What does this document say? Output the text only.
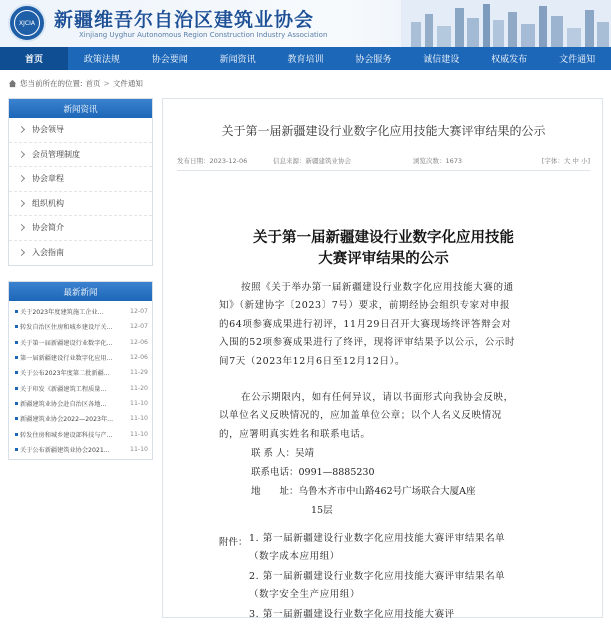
XJCIA 新疆维吾尔自治区建筑业协会
Xinjiang Uyghur Autonomous Region Construction Industry Association
首页	政策法规	协会要闻	新闻资讯	教育培训	协会服务	诚信建设	权威发布	文件通知
您当前所在的位置: 首页 > 文件通知
新闻资讯
协会领导
会员管理制度
协会章程
组织机构
协会简介
入会指南
最新新闻
关于2023年度建筑施工企业...	12-07
转发自治区住房和城乡建设厅关...	12-07
关于第一届新疆建设行业数字化...	12-06
第一届新疆建设行业数字化应用...	12-06
关于公布2023年度第二批新疆...	11-29
关于印发《新疆建筑工程质量...	11-20
新疆建筑业协会赴自治区各地...	11-10
新疆建筑业协会2022—2023年...	11-10
转发住房和城乡建设部科技与产...	11-10
关于公布新疆建筑业协会2021...	11-10
关于第一届新疆建设行业数字化应用技能大赛评审结果的公示
发布日期：2023-12-06	信息来源：新疆建筑业协会	浏览次数：1673	[字体：大 中 小]
关于第一届新疆建设行业数字化应用技能
大赛评审结果的公示
按照《关于举办第一届新疆建设行业数字化应用技能大赛的通知》（新建协字〔2023〕7号）要求，前期经协会组织专家对申报的64项参赛成果进行初评，11月29日召开大赛现场终评答辩会对入围的52项参赛成果进行了终评，现将评审结果予以公示，公示时间7天（2023年12月6日至12月12日）。
在公示期限内，如有任何异议，请以书面形式向我协会反映，以单位名义反映情况的，应加盖单位公章；以个人名义反映情况的，应署明真实姓名和联系电话。
联 系 人：吴靖
联系电话：0991—8885230
地　　址：乌鲁木齐市中山路462号广场联合大厦A座
15层
附件： 1. 第一届新疆建设行业数字化应用技能大赛评审结果名单（数字成本应用组）
2. 第一届新疆建设行业数字化应用技能大赛评审结果名单（数字安全生产应用组）
3. 第一届新疆建设行业数字化应用技能大赛评
